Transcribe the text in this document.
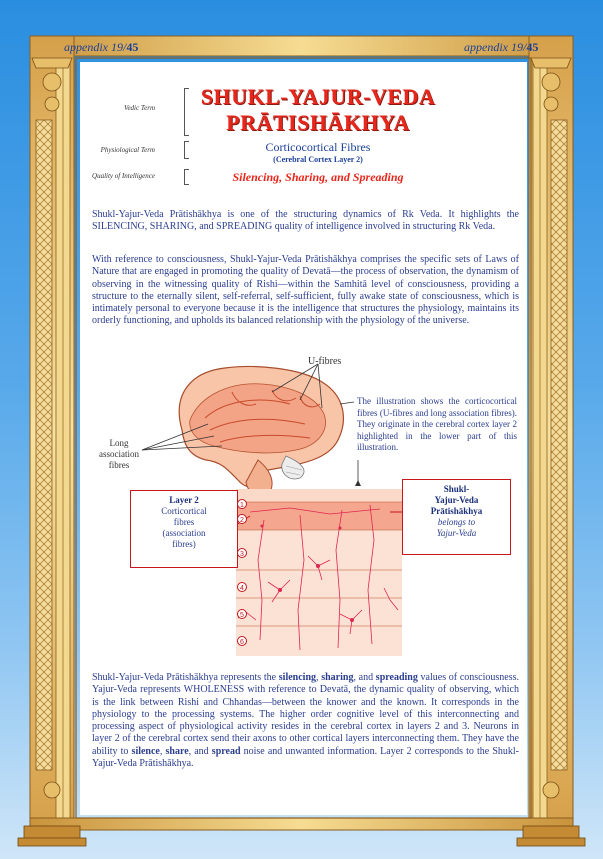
appendix 19/45	appendix 19/45
Vedic Term
Physiological Term
Quality of Intelligence
SHUKL-YAJUR-VEDA
PRĀTISHĀKHYA
Corticocortical Fibres
(Cerebral Cortex Layer 2)
Silencing, Sharing, and Spreading

Shukl-Yajur-Veda Prātishākhya is one of the structuring dynamics of Rk Veda. It highlights the SILENCING, SHARING, and SPREADING quality of intelligence involved in structuring Rk Veda.

With reference to consciousness, Shukl-Yajur-Veda Prātishākhya comprises the specific sets of Laws of Nature that are engaged in promoting the quality of Devatā—the process of observation, the dynamism of observing in the witnessing quality of Rishi—within the Samhitā level of consciousness, providing a structure to the eternally silent, self-referral, self-sufficient, fully awake state of consciousness, which is intimately personal to everyone because it is the intelligence that structures the physiology, maintains its orderly functioning, and upholds its balanced relationship with the physiology of the universe.

Shukl-Yajur-Veda Prātishākhya represents the silencing, sharing, and spreading values of consciousness. Yajur-Veda represents WHOLENESS with reference to Devatā, the dynamic quality of observing, which is the link between Rishi and Chhandas—between the knower and the known. It corresponds in the physiology to the processing systems. The higher order cognitive level of this interconnecting and processing aspect of physiological activity resides in the cerebral cortex in layers 2 and 3. Neurons in layer 2 of the cerebral cortex send their axons to other cortical layers interconnecting them. They have the ability to silence, share, and spread noise and unwanted information. Layer 2 corresponds to the Shukl-Yajur-Veda Prātishākhya.

1
2
3
4
5
6
U-fibres
Long
association
fibres
The illustration shows the corticocortical fibres (U-fibres and long association fibres). They originate in the cerebral cortex layer 2 highlighted in the lower part of this illustration.
Layer 2
Corticortical
fibres
(association
fibres)
Shukl-
Yajur-Veda
Prātishākhya
belongs to
Yajur-Veda
